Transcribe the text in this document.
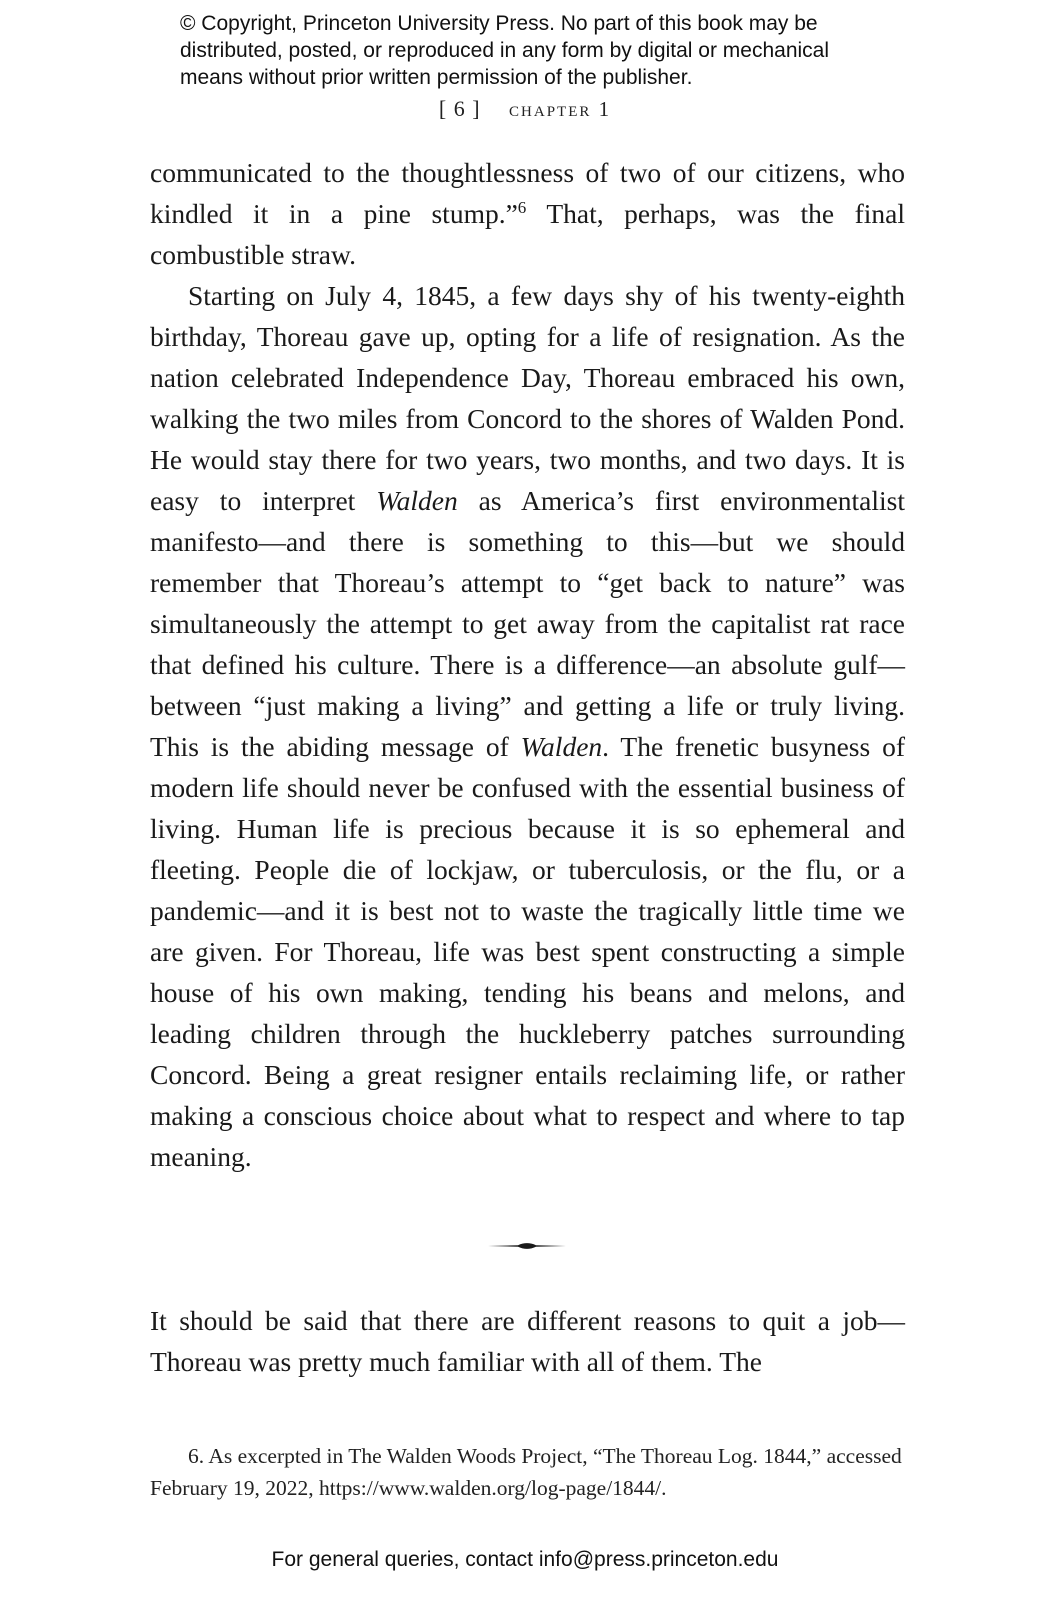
© Copyright, Princeton University Press. No part of this book may be
distributed, posted, or reproduced in any form by digital or mechanical
means without prior written permission of the publisher.
[ 6 ] chapter 1

communicated to the thoughtlessness of two of our citizens, who kindled it in a pine stump.”$^6$ That, perhaps, was the final combustible straw.

Starting on July 4, 1845, a few days shy of his twenty-eighth birthday, Thoreau gave up, opting for a life of resignation. As the nation celebrated Independence Day, Thoreau embraced his own, walking the two miles from Concord to the shores of Walden Pond. He would stay there for two years, two months, and two days. It is easy to interpret Walden as America’s first environmentalist manifesto—and there is something to this—but we should remember that Thoreau’s attempt to “get back to nature” was simultaneously the attempt to get away from the capitalist rat race that defined his culture. There is a difference—an absolute gulf—between “just making a living” and getting a life or truly living. This is the abiding message of Walden. The frenetic busyness of modern life should never be confused with the essential business of living. Human life is precious because it is so ephemeral and fleeting. People die of lockjaw, or tuberculosis, or the flu, or a pandemic—and it is best not to waste the tragically little time we are given. For Thoreau, life was best spent constructing a simple house of his own making, tending his beans and melons, and leading children through the huckleberry patches surrounding Concord. Being a great resigner entails reclaiming life, or rather making a conscious choice about what to respect and where to tap meaning.

It should be said that there are different reasons to quit a job—Thoreau was pretty much familiar with all of them. The

6. As excerpted in The Walden Woods Project, “The Thoreau Log. 1844,” accessed February 19, 2022, https://www.walden.org/log-page/1844/.

For general queries, contact info@press.princeton.edu
